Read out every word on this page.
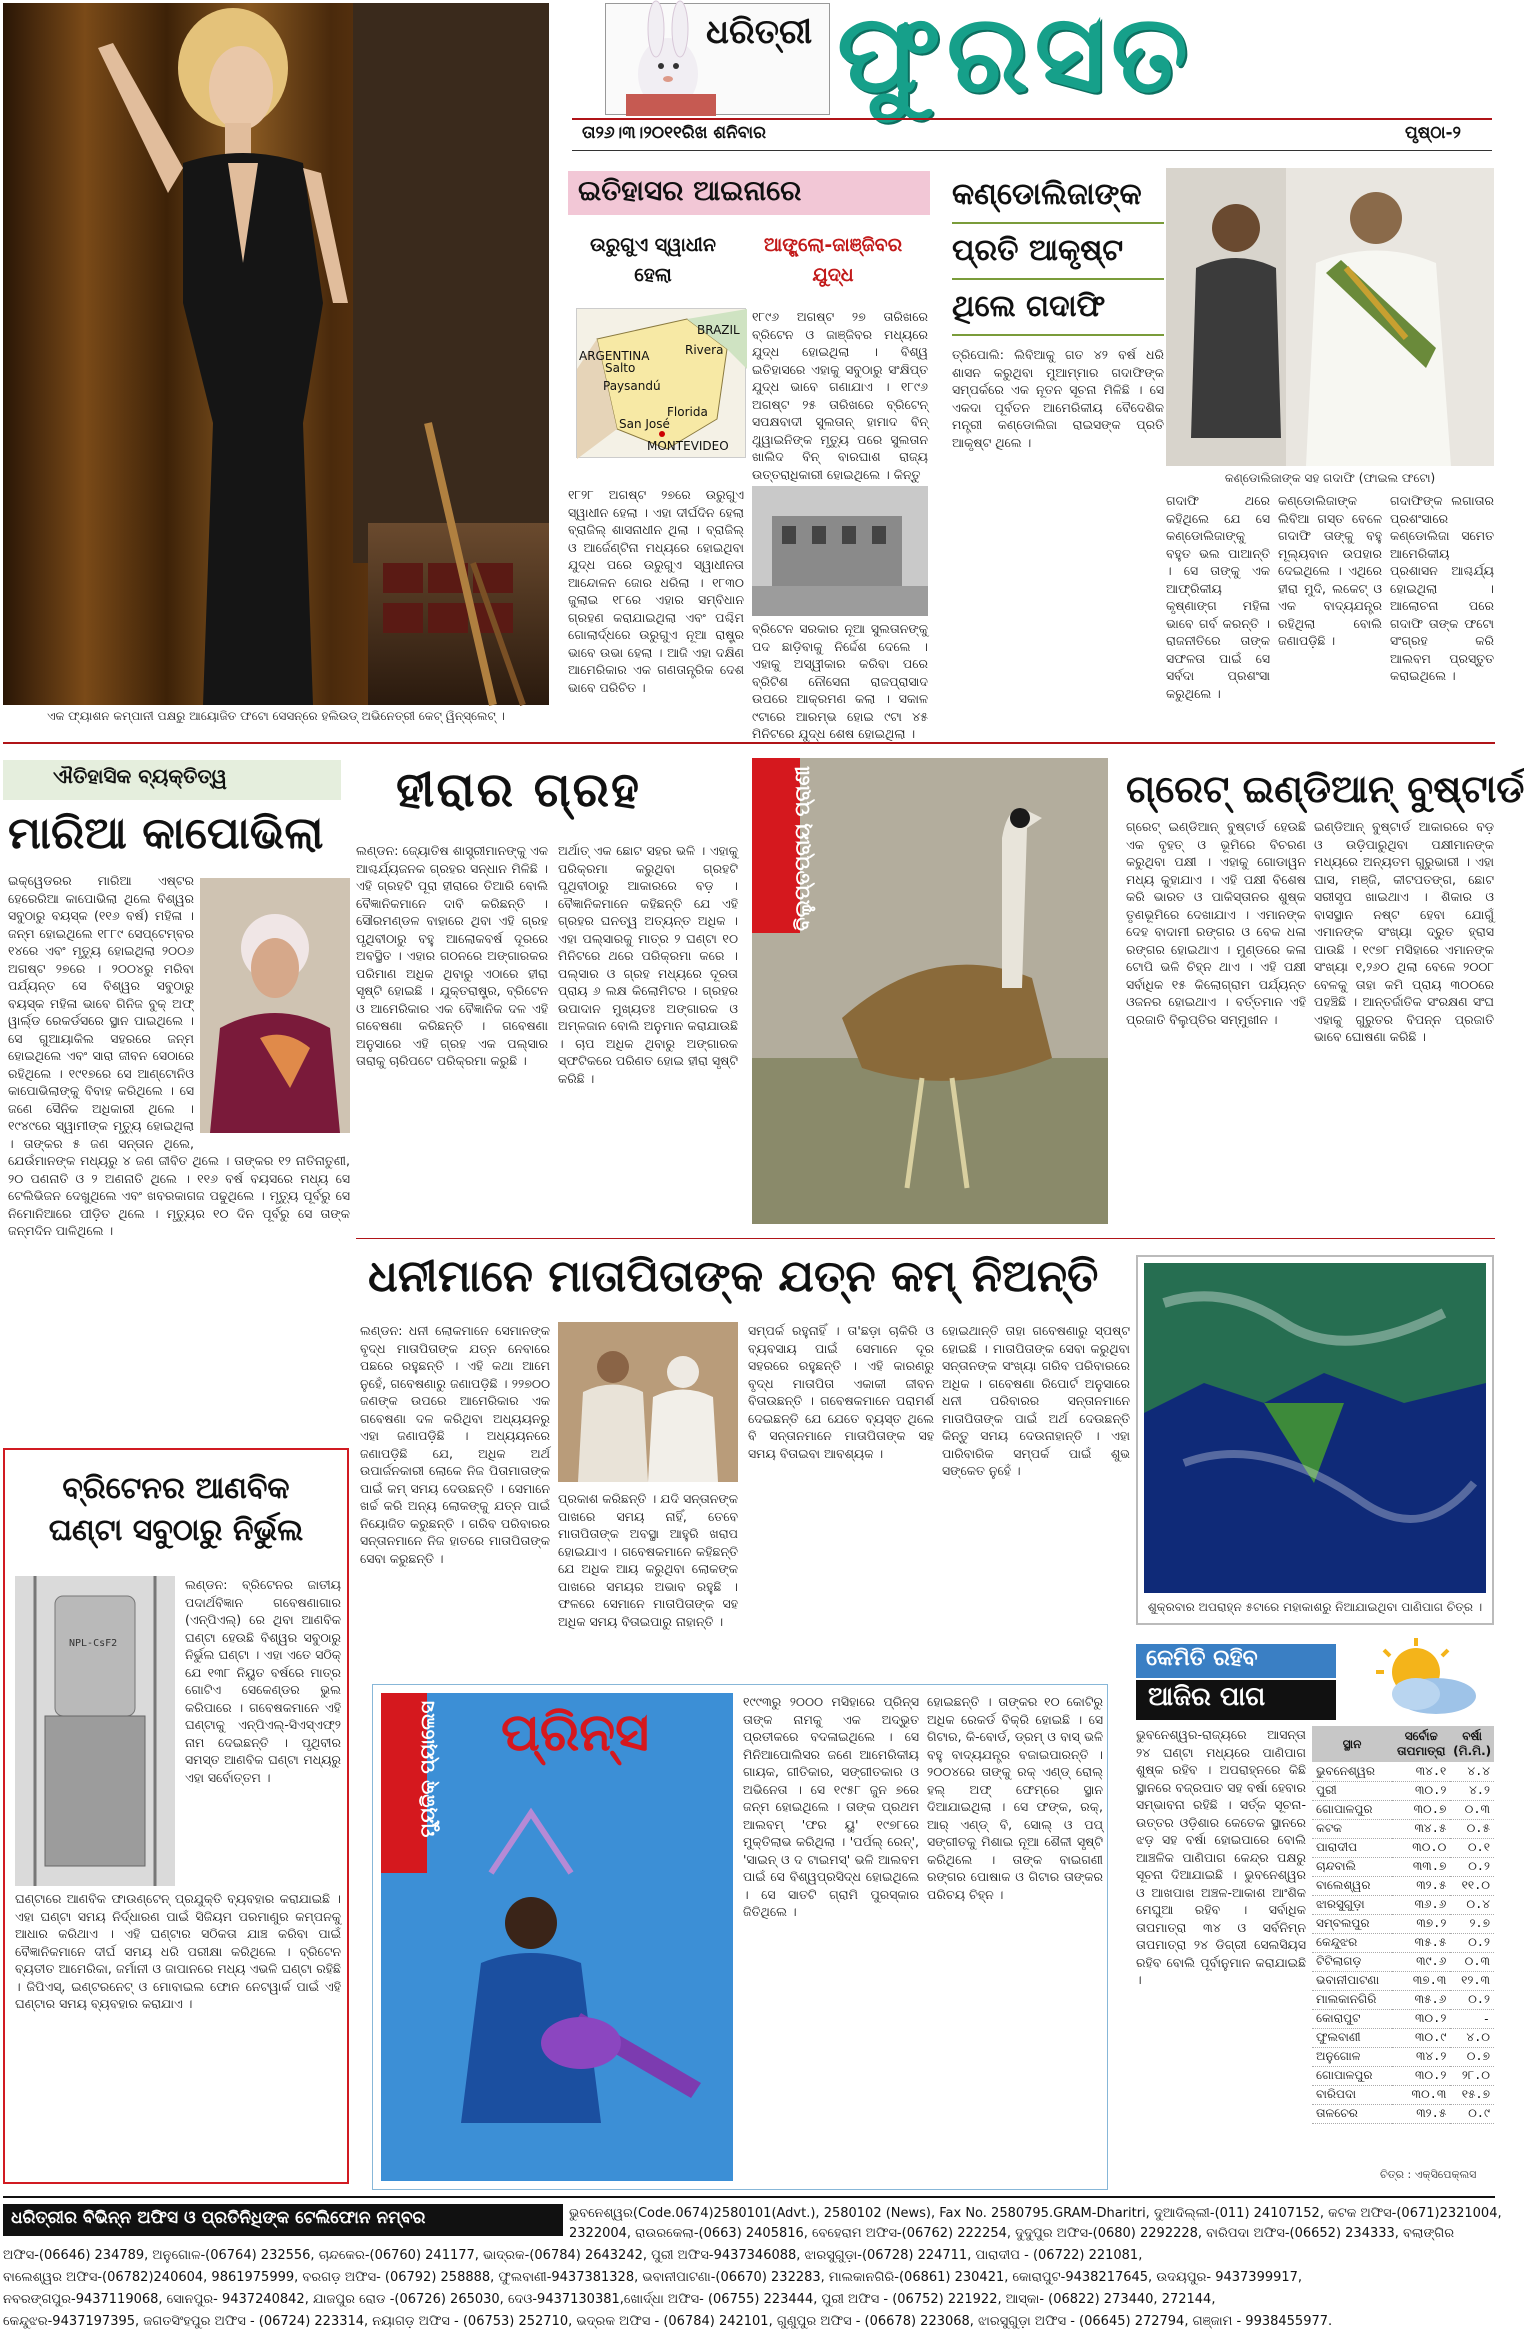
ଏକ ଫ୍ୟାଶନ କମ୍ପାନୀ ପକ୍ଷରୁ ଆୟୋଜିତ ଫଟୋ ସେସନ୍‌ରେ ହଲିଉଡ୍ ଅଭିନେତ୍ରୀ କେଟ୍ ୱିନ୍‌ସ୍ଲେଟ୍ ।
ଧରିତ୍ରୀ ଫୁରସତ
ତା୨୬।୩।୨୦୧୧ରିଖ ଶନିବାର	ପୃଷ୍ଠା-୨
ଇତିହାସର ଆଇନାରେ
ଉରୁଗୁଏ ସ୍ୱାଧୀନ ହେଲା
ଆଙ୍ଗ୍ଲୋ-ଜାଞ୍ଜିବର ଯୁଦ୍ଧ
BRAZIL
ARGENTINA
MONTEVIDEO
San José
Florida
Rivera
Salto
Paysandú
୧୮୯୬ ଅଗଷ୍ଟ ୨୭ ତାରିଖରେ ବ୍ରିଟେନ ଓ ଜାଞ୍ଜିବର ମଧ୍ୟରେ ଯୁଦ୍ଧ ହୋଇଥିଲା । ବିଶ୍ୱ ଇତିହାସରେ ଏହାକୁ ସବୁଠାରୁ ସଂକ୍ଷିପ୍ତ ଯୁଦ୍ଧ ଭାବେ ଗଣାଯାଏ । ୧୮୯୬ ଅଗଷ୍ଟ ୨୫ ତାରିଖରେ ବ୍ରିଟେନ୍ ସପକ୍ଷବାଦୀ ସୁଲତାନ୍ ହାମାଦ ବିନ୍ ଥୁୱାଇନିଙ୍କ ମୃତ୍ୟୁ ପରେ ସୁଲତାନ ଖାଲିଦ ବିନ୍ ବାରଘାଶ ରାଜ୍ୟ ଉତ୍ତରାଧିକାରୀ ହୋଇଥିଲେ । କିନ୍ତୁ
୧୮୨୮ ଅଗଷ୍ଟ ୨୭ରେ ଉରୁଗୁଏ ସ୍ୱାଧୀନ ହେଲା । ଏହା ଦୀର୍ଘଦିନ ହେଲା ବ୍ରାଜିଲ୍ ଶାସନାଧୀନ ଥିଲା । ବ୍ରାଜିଲ୍ ଓ ଆର୍ଜେଣ୍ଟିନା ମଧ୍ୟରେ ହୋଇଥିବା ଯୁଦ୍ଧ ପରେ ଉରୁଗୁଏ ସ୍ୱାଧୀନତା ଆନ୍ଦୋଳନ ଜୋର ଧରିଲା । ୧୮୩୦ ଜୁଲାଇ ୧୮ରେ ଏହାର ସମ୍ବିଧାନ ଗ୍ରହଣ କରାଯାଇଥିଲା ଏବଂ ପଶ୍ଚିମ ଗୋଲାର୍ଦ୍ଧରେ ଉରୁଗୁଏ ନୂଆ ରାଷ୍ଟ୍ର ଭାବେ ଉଭା ହେଲା । ଆଜି ଏହା ଦକ୍ଷିଣ ଆମେରିକାର ଏକ ଗଣତାନ୍ତ୍ରିକ ଦେଶ ଭାବେ ପରିଚିତ ।
ବ୍ରିଟେନ ସରକାର ନୂଆ ସୁଲତାନଙ୍କୁ ପଦ ଛାଡ଼ିବାକୁ ନିର୍ଦ୍ଦେଶ ଦେଲେ । ଏହାକୁ ଅସ୍ୱୀକାର କରିବା ପରେ ବ୍ରିଟିଶ ନୌସେନା ରାଜପ୍ରାସାଦ ଉପରେ ଆକ୍ରମଣ କଲା । ସକାଳ ୯ଟାରେ ଆରମ୍ଭ ହୋଇ ୯ଟା ୪୫ ମିନିଟରେ ଯୁଦ୍ଧ ଶେଷ ହୋଇଥିଲା ।
କଣ୍ଡୋଲିଜାଙ୍କ
ପ୍ରତି ଆକୃଷ୍ଟ
ଥିଲେ ଗଦାଫି
ତ୍ରିପୋଲି: ଲିବିଆକୁ ଗତ ୪୨ ବର୍ଷ ଧରି ଶାସନ କରୁଥିବା ମୁଆମ୍ମାର ଗଦାଫିଙ୍କ ସମ୍ପର୍କରେ ଏକ ନୂତନ ସୂଚନା ମିଳିଛି । ସେ ଏକଦା ପୂର୍ବତନ ଆମେରିକୀୟ ବୈଦେଶିକ ମନ୍ତ୍ରୀ କଣ୍ଡୋଲିଜା ରାଇସଙ୍କ ପ୍ରତି ଆକୃଷ୍ଟ ଥିଲେ ।
କଣ୍ଡୋଲିଜାଙ୍କ ସହ ଗଦାଫି (ଫାଇଲ ଫଟୋ)
ଗଦାଫି ଥରେ କହିଥିଲେ ଯେ ସେ କଣ୍ଡୋଲିଜାଙ୍କୁ ବହୁତ ଭଲ ପାଆନ୍ତି । ସେ ତାଙ୍କୁ ଏକ ଆଫ୍ରିକୀୟ କୃଷ୍ଣାଙ୍ଗ ମହିଳା ଭାବେ ଗର୍ବ କରନ୍ତି । ରାଜନୀତିରେ ତାଙ୍କ ସଫଳତା ପାଇଁ ସେ ସର୍ବଦା ପ୍ରଶଂସା କରୁଥିଲେ ।
କଣ୍ଡୋଲିଜାଙ୍କ ଲିବିଆ ଗସ୍ତ ବେଳେ ଗଦାଫି ତାଙ୍କୁ ବହୁ ମୂଲ୍ୟବାନ ଉପହାର ଦେଇଥିଲେ । ଏଥିରେ ହୀରା ମୁଦି, ଲକେଟ୍ ଓ ଏକ ବାଦ୍ୟଯନ୍ତ୍ର ରହିଥିଲା ବୋଲି ଜଣାପଡ଼ିଛି ।
ଗଦାଫିଙ୍କ ଲଗାତାର ପ୍ରଶଂସାରେ କଣ୍ଡୋଲିଜା ସମେତ ଆମେରିକୀୟ ପ୍ରଶାସନ ଆଶ୍ଚର୍ଯ୍ୟ ହୋଇଥିଲା । ଆଲୋଚନା ପରେ ଗଦାଫି ତାଙ୍କ ଫଟୋ ସଂଗ୍ରହ କରି ଆଲବମ ପ୍ରସ୍ତୁତ କରାଇଥିଲେ ।
ଐତିହାସିକ ବ୍ୟକ୍ତିତ୍ୱ
ମାରିଆ କାପୋଭିଲା
ଇକ୍ୱେଡରର ମାରିଆ ଏଷ୍ଟର ହେରେରିଆ କାପୋଭିଲା ଥିଲେ ବିଶ୍ୱର ସବୁଠାରୁ ବୟସ୍କ (୧୧୬ ବର୍ଷ) ମହିଳା । ଜନ୍ମ ହୋଇଥିଲେ ୧୮୮୯ ସେପ୍ଟେମ୍ବର ୧୪ରେ ଏବଂ ମୃତ୍ୟୁ ହୋଇଥିଲା ୨୦୦୬ ଅଗଷ୍ଟ ୨୭ରେ । ୨୦୦୪ରୁ ମରିବା ପର୍ଯ୍ୟନ୍ତ ସେ ବିଶ୍ୱର ସବୁଠାରୁ ବୟସ୍କ ମହିଳା ଭାବେ ଗିନିଜ ବୁକ୍ ଅଫ୍ ୱାର୍ଲ୍ଡ ରେକର୍ଡସରେ ସ୍ଥାନ ପାଇଥିଲେ । ସେ ଗୁଆୟାକିଲ ସହରରେ ଜନ୍ମ ହୋଇଥିଲେ ଏବଂ ସାରା ଜୀବନ ସେଠାରେ ରହିଥିଲେ । ୧୯୧୭ରେ ସେ ଆଣ୍ଟୋନିଓ କାପୋଭିଲାଙ୍କୁ ବିବାହ କରିଥିଲେ । ସେ ଜଣେ ସୈନିକ ଅଧିକାରୀ ଥିଲେ । ୧୯୪୯ରେ ସ୍ୱାମୀଙ୍କ ମୃତ୍ୟୁ ହୋଇଥିଲା । ତାଙ୍କର ୫ ଜଣ ସନ୍ତାନ ଥିଲେ, ଯେଉଁମାନଙ୍କ ମଧ୍ୟରୁ ୪ ଜଣ ଜୀବିତ ଥିଲେ । ତାଙ୍କର ୧୨ ନାତିନାତୁଣୀ, ୨୦ ପଣନାତି ଓ ୨ ଅଣନାତି ଥିଲେ । ୧୧୬ ବର୍ଷ ବୟସରେ ମଧ୍ୟ ସେ ଟେଲିଭିଜନ ଦେଖୁଥିଲେ ଏବଂ ଖବରକାଗଜ ପଢୁଥିଲେ । ମୃତ୍ୟୁ ପୂର୍ବରୁ ସେ ନିମୋନିଆରେ ପୀଡ଼ିତ ଥିଲେ । ମୃତ୍ୟୁର ୧୦ ଦିନ ପୂର୍ବରୁ ସେ ତାଙ୍କ ଜନ୍ମଦିନ ପାଳିଥିଲେ ।
ହୀରାର ଗ୍ରହ
ଲଣ୍ଡନ: ଜ୍ୟୋତିଷ ଶାସ୍ତ୍ରୀମାନଙ୍କୁ ଏକ ଆଶ୍ଚର୍ଯ୍ୟଜନକ ଗ୍ରହର ସନ୍ଧାନ ମିଳିଛି । ଏହି ଗ୍ରହଟି ପୂରା ହୀରାରେ ତିଆରି ବୋଲି ବୈଜ୍ଞାନିକମାନେ ଦାବି କରିଛନ୍ତି । ସୌରମଣ୍ଡଳ ବାହାରେ ଥିବା ଏହି ଗ୍ରହ ପୃଥିବୀଠାରୁ ବହୁ ଆଲୋକବର୍ଷ ଦୂରରେ ଅବସ୍ଥିତ । ଏହାର ଗଠନରେ ଅଙ୍ଗାରକର ପରିମାଣ ଅଧିକ ଥିବାରୁ ଏଠାରେ ହୀରା ସୃଷ୍ଟି ହୋଇଛି । ଯୁକ୍ତରାଷ୍ଟ୍ର, ବ୍ରିଟେନ ଓ ଆମେରିକାର ଏକ ବୈଜ୍ଞାନିକ ଦଳ ଏହି ଗବେଷଣା କରିଛନ୍ତି । ଗବେଷଣା ଅନୁସାରେ ଏହି ଗ୍ରହ ଏକ ପଲ୍ସାର ତାରାକୁ ଚାରିପଟେ ପରିକ୍ରମା କରୁଛି ।
ଅର୍ଥାତ୍ ଏକ ଛୋଟ ସହର ଭଳି । ଏହାକୁ ପରିକ୍ରମା କରୁଥିବା ଗ୍ରହଟି ପୃଥିବୀଠାରୁ ଆକାରରେ ବଡ଼ । ବୈଜ୍ଞାନିକମାନେ କହିଛନ୍ତି ଯେ ଏହି ଗ୍ରହର ଘନତ୍ୱ ଅତ୍ୟନ୍ତ ଅଧିକ । ଏହା ପଲ୍ସାରକୁ ମାତ୍ର ୨ ଘଣ୍ଟା ୧୦ ମିନିଟରେ ଥରେ ପରିକ୍ରମା କରେ । ପଲ୍ସାର ଓ ଗ୍ରହ ମଧ୍ୟରେ ଦୂରତା ପ୍ରାୟ ୬ ଲକ୍ଷ କିଲୋମିଟର । ଗ୍ରହର ଉପାଦାନ ମୁଖ୍ୟତଃ ଅଙ୍ଗାରକ ଓ ଅମ୍ଳଜାନ ବୋଲି ଅନୁମାନ କରାଯାଉଛି । ଚାପ ଅଧିକ ଥିବାରୁ ଅଙ୍ଗାରକ ସ୍ଫଟିକରେ ପରିଣତ ହୋଇ ହୀରା ସୃଷ୍ଟି କରିଛି ।
ବିଲୁପ୍ତପ୍ରାୟ ପ୍ରାଣୀ	ଗ୍ରେଟ୍ ଇଣ୍ଡିଆନ୍ ବୁଷ୍ଟାର୍ଡ
ଗ୍ରେଟ୍ ଇଣ୍ଡିଆନ୍ ବୁଷ୍ଟାର୍ଡ ହେଉଛି ଏକ ବୃହତ୍ ଓ ଭୂମିରେ ବିଚରଣ କରୁଥିବା ପକ୍ଷୀ । ଏହାକୁ ଗୋଡାୱନ ମଧ୍ୟ କୁହାଯାଏ । ଏହି ପକ୍ଷୀ ବିଶେଷ କରି ଭାରତ ଓ ପାକିସ୍ତାନର ଶୁଷ୍କ ତୃଣଭୂମିରେ ଦେଖାଯାଏ । ଏମାନଙ୍କ ଦେହ ବାଦାମୀ ରଙ୍ଗର ଓ ବେକ ଧଳା ରଙ୍ଗର ହୋଇଥାଏ । ମୁଣ୍ଡରେ କଳା ଟୋପି ଭଳି ଚିହ୍ନ ଥାଏ । ଏହି ପକ୍ଷୀ ସର୍ବାଧିକ ୧୫ କିଲୋଗ୍ରାମ ପର୍ଯ୍ୟନ୍ତ ଓଜନର ହୋଇଥାଏ । ବର୍ତ୍ତମାନ ଏହି ପ୍ରଜାତି ବିଲୁପ୍ତିର ସମ୍ମୁଖୀନ ।
ଇଣ୍ଡିଆନ୍ ବୁଷ୍ଟାର୍ଡ ଆକାରରେ ବଡ଼ ଓ ଉଡ଼ିପାରୁଥିବା ପକ୍ଷୀମାନଙ୍କ ମଧ୍ୟରେ ଅନ୍ୟତମ ଗୁରୁଭାରୀ । ଏହା ଘାସ, ମଞ୍ଜି, କୀଟପତଙ୍ଗ, ଛୋଟ ସରୀସୃପ ଖାଇଥାଏ । ଶିକାର ଓ ବାସସ୍ଥାନ ନଷ୍ଟ ହେବା ଯୋଗୁଁ ଏମାନଙ୍କ ସଂଖ୍ୟା ଦ୍ରୁତ ହ୍ରାସ ପାଉଛି । ୧୯୭୮ ମସିହାରେ ଏମାନଙ୍କ ସଂଖ୍ୟା ୧,୨୬୦ ଥିଲା ବେଳେ ୨୦୦୮ ବେଳକୁ ତାହା କମି ପ୍ରାୟ ୩୦୦ରେ ପହଞ୍ଚିଛି । ଆନ୍ତର୍ଜାତିକ ସଂରକ୍ଷଣ ସଂଘ ଏହାକୁ ଗୁରୁତର ବିପନ୍ନ ପ୍ରଜାତି ଭାବେ ଘୋଷଣା କରିଛି ।
ଧନୀମାନେ ମାତାପିତାଙ୍କ ଯତ୍ନ କମ୍ ନିଅନ୍ତି
ଲଣ୍ଡନ: ଧନୀ ଲୋକମାନେ ସେମାନଙ୍କ ବୃଦ୍ଧ ମାତାପିତାଙ୍କ ଯତ୍ନ ନେବାରେ ପଛରେ ରହୁଛନ୍ତି । ଏହି କଥା ଆମେ ନୁହେଁ, ଗବେଷଣାରୁ ଜଣାପଡ଼ିଛି । ୨୨୭୦୦ ଜଣଙ୍କ ଉପରେ ଆମେରିକାର ଏକ ଗବେଷଣା ଦଳ କରିଥିବା ଅଧ୍ୟୟନରୁ ଏହା ଜଣାପଡ଼ିଛି । ଅଧ୍ୟୟନରେ ଜଣାପଡ଼ିଛି ଯେ, ଅଧିକ ଅର୍ଥ ଉପାର୍ଜନକାରୀ ଲୋକେ ନିଜ ପିତାମାତାଙ୍କ ପାଇଁ କମ୍ ସମୟ ଦେଉଛନ୍ତି । ସେମାନେ ଖର୍ଚ୍ଚ କରି ଅନ୍ୟ ଲୋକଙ୍କୁ ଯତ୍ନ ପାଇଁ ନିୟୋଜିତ କରୁଛନ୍ତି । ଗରିବ ପରିବାରର ସନ୍ତାନମାନେ ନିଜ ହାତରେ ମାତାପିତାଙ୍କ ସେବା କରୁଛନ୍ତି ।
ପ୍ରକାଶ କରିଛନ୍ତି । ଯଦି ସନ୍ତାନଙ୍କ ପାଖରେ ସମୟ ନାହିଁ, ତେବେ ମାତାପିତାଙ୍କ ଅବସ୍ଥା ଆହୁରି ଖରାପ ହୋଇଯାଏ । ଗବେଷକମାନେ କହିଛନ୍ତି ଯେ ଅଧିକ ଆୟ କରୁଥିବା ଲୋକଙ୍କ ପାଖରେ ସମୟର ଅଭାବ ରହୁଛି । ଫଳରେ ସେମାନେ ମାତାପିତାଙ୍କ ସହ ଅଧିକ ସମୟ ବିତାଇପାରୁ ନାହାନ୍ତି ।
ସମ୍ପର୍କ ରହୁନାହିଁ । ତା'ଛଡ଼ା ଚାକିରି ଓ ବ୍ୟବସାୟ ପାଇଁ ସେମାନେ ଦୂର ସହରରେ ରହୁଛନ୍ତି । ଏହି କାରଣରୁ ବୃଦ୍ଧ ମାତାପିତା ଏକାକୀ ଜୀବନ ବିତାଉଛନ୍ତି । ଗବେଷକମାନେ ପରାମର୍ଶ ଦେଇଛନ୍ତି ଯେ ଯେତେ ବ୍ୟସ୍ତ ଥିଲେ ବି ସନ୍ତାନମାନେ ମାତାପିତାଙ୍କ ସହ ସମୟ ବିତାଇବା ଆବଶ୍ୟକ ।
ହୋଇଥାନ୍ତି ତାହା ଗବେଷଣାରୁ ସ୍ପଷ୍ଟ ହୋଇଛି । ମାତାପିତାଙ୍କ ସେବା କରୁଥିବା ସନ୍ତାନଙ୍କ ସଂଖ୍ୟା ଗରିବ ପରିବାରରେ ଅଧିକ । ଗବେଷଣା ରିପୋର୍ଟ ଅନୁସାରେ ଧନୀ ପରିବାରର ସନ୍ତାନମାନେ ମାତାପିତାଙ୍କ ପାଇଁ ଅର୍ଥ ଦେଉଛନ୍ତି କିନ୍ତୁ ସମୟ ଦେଉନାହାନ୍ତି । ଏହା ପାରିବାରିକ ସମ୍ପର୍କ ପାଇଁ ଶୁଭ ସଙ୍କେତ ନୁହେଁ ।
ବ୍ରିଟେନର ଆଣବିକ
ଘଣ୍ଟା ସବୁଠାରୁ ନିର୍ଭୁଲ
NPL-CsF2
ଲଣ୍ଡନ: ବ୍ରିଟେନର ଜାତୀୟ ପଦାର୍ଥବିଜ୍ଞାନ ଗବେଷଣାଗାର (ଏନ୍‌ପିଏଲ୍) ରେ ଥିବା ଆଣବିକ ଘଣ୍ଟା ହେଉଛି ବିଶ୍ୱର ସବୁଠାରୁ ନିର୍ଭୁଲ ଘଣ୍ଟା । ଏହା ଏତେ ସଠିକ୍ ଯେ ୧୩୮ ନିୟୁତ ବର୍ଷରେ ମାତ୍ର ଗୋଟିଏ ସେକେଣ୍ଡର ଭୁଲ କରିପାରେ । ଗବେଷକମାନେ ଏହି ଘଣ୍ଟାକୁ ଏନ୍‌ପିଏଲ୍-ସିଏସ୍ଏଫ୍୨ ନାମ ଦେଇଛନ୍ତି । ପୃଥିବୀର ସମସ୍ତ ଆଣବିକ ଘଣ୍ଟା ମଧ୍ୟରୁ ଏହା ସର୍ବୋତ୍ତମ ।
ଘଣ୍ଟାରେ ଆଣବିକ ଫାଉଣ୍ଟେନ୍ ପ୍ରଯୁକ୍ତି ବ୍ୟବହାର କରାଯାଇଛି । ଏହା ଘଣ୍ଟା ସମୟ ନିର୍ଦ୍ଧାରଣ ପାଇଁ ସିଜିୟମ ପରମାଣୁର କମ୍ପନକୁ ଆଧାର କରିଥାଏ । ଏହି ଘଣ୍ଟାର ସଠିକତା ଯାଞ୍ଚ କରିବା ପାଇଁ ବୈଜ୍ଞାନିକମାନେ ଦୀର୍ଘ ସମୟ ଧରି ପରୀକ୍ଷା କରିଥିଲେ । ବ୍ରିଟେନ ବ୍ୟତୀତ ଆମେରିକା, ଜର୍ମାନୀ ଓ ଜାପାନରେ ମଧ୍ୟ ଏଭଳି ଘଣ୍ଟା ରହିଛି । ଜିପିଏସ୍, ଇଣ୍ଟରନେଟ୍ ଓ ମୋବାଇଲ ଫୋନ ନେଟୱାର୍କ ପାଇଁ ଏହି ଘଣ୍ଟାର ସମୟ ବ୍ୟବହାର କରାଯାଏ ।
ମ୍ୟୁଜିକ୍ ପ୍ୟାଲେସ ପ୍ରିନ୍ସ
୧୯୯୩ରୁ ୨୦୦୦ ମସିହାରେ ପ୍ରିନ୍ସ ତାଙ୍କ ନାମକୁ ଏକ ଅଦ୍ଭୁତ ପ୍ରତୀକରେ ବଦଳାଇଥିଲେ । ସେ ମିନିଆପୋଲିସର ଜଣେ ଆମେରିକୀୟ ଗାୟକ, ଗୀତିକାର, ସଙ୍ଗୀତକାର ଓ ଅଭିନେତା । ସେ ୧୯୫୮ ଜୁନ ୭ରେ ଜନ୍ମ ହୋଇଥିଲେ । ତାଙ୍କ ପ୍ରଥମ ଆଲବମ୍ 'ଫର ୟୁ' ୧୯୭୮ରେ ମୁକ୍ତିଲାଭ କରିଥିଲା । 'ପର୍ପଲ୍ ରେନ୍', 'ସାଇନ୍ ଓ ଦ ଟାଇମସ୍' ଭଳି ଆଲବମ ପାଇଁ ସେ ବିଶ୍ୱପ୍ରସିଦ୍ଧ ହୋଇଥିଲେ । ସେ ସାତଟି ଗ୍ରାମି ପୁରସ୍କାର ଜିତିଥିଲେ ।
ହୋଇଛନ୍ତି । ତାଙ୍କର ୧୦ କୋଟିରୁ ଅଧିକ ରେକର୍ଡ ବିକ୍ରି ହୋଇଛି । ସେ ଗିଟାର, କି-ବୋର୍ଡ, ଡ୍ରମ୍ ଓ ବାସ୍ ଭଳି ବହୁ ବାଦ୍ୟଯନ୍ତ୍ର ବଜାଇପାରନ୍ତି । ୨୦୦୪ରେ ତାଙ୍କୁ ରକ୍ ଏଣ୍ଡ୍ ରୋଲ୍ ହଲ୍ ଅଫ୍ ଫେମ୍‌ରେ ସ୍ଥାନ ଦିଆଯାଇଥିଲା । ସେ ଫଙ୍କ, ରକ୍, ଆର୍ ଏଣ୍ଡ୍ ବି, ସୋଲ୍ ଓ ପପ୍ ସଙ୍ଗୀତକୁ ମିଶାଇ ନୂଆ ଶୈଳୀ ସୃଷ୍ଟି କରିଥିଲେ । ତାଙ୍କ ବାଇଗଣୀ ରଙ୍ଗର ପୋଷାକ ଓ ଗିଟାର ତାଙ୍କର ପରିଚୟ ଚିହ୍ନ ।
ଶୁକ୍ରବାର ଅପରାହ୍ନ ୫ଟାରେ ମହାକାଶରୁ ନିଆଯାଇଥିବା ପାଣିପାଗ ଚିତ୍ର ।
କେମିତି ରହିବ
ଆଜିର ପାଗ
ଭୁବନେଶ୍ୱର-ରାଜ୍ୟରେ ଆସନ୍ତା ୨୪ ଘଣ୍ଟା ମଧ୍ୟରେ ପାଣିପାଗ ଶୁଷ୍କ ରହିବ । ଅପରାହ୍ନରେ କିଛି ସ୍ଥାନରେ ବଜ୍ରପାତ ସହ ବର୍ଷା ହେବାର ସମ୍ଭାବନା ରହିଛି । ସର୍ତ୍କ ସୂଚନା-ଉତ୍ତର ଓଡ଼ିଶାର କେତେକ ସ୍ଥାନରେ ଝଡ଼ ସହ ବର୍ଷା ହୋଇପାରେ ବୋଲି ଆଞ୍ଚଳିକ ପାଣିପାଗ କେନ୍ଦ୍ର ପକ୍ଷରୁ ସୂଚନା ଦିଆଯାଇଛି । ଭୁବନେଶ୍ୱର ଓ ଆଖପାଖ ଅଞ୍ଚଳ-ଆକାଶ ଆଂଶିକ ମେଘୁଆ ରହିବ । ସର୍ବାଧିକ ତାପମାତ୍ରା ୩୪ ଓ ସର୍ବନିମ୍ନ ତାପମାତ୍ରା ୨୪ ଡିଗ୍ରୀ ସେଲସିୟସ ରହିବ ବୋଲି ପୂର୍ବାନୁମାନ କରାଯାଇଛି ।
ସ୍ଥାନ	ସର୍ବୋଚ୍ଚ ତାପମାତ୍ରା	ବର୍ଷା (ମି.ମି.)
ଭୁବନେଶ୍ୱର	୩୪.୧	୪.୪
ପୁରୀ	୩୦.୨	୪.୨
ଗୋପାଳପୁର	୩୦.୭	୦.୩
କଟକ	୩୪.୫	୦.୫
ପାରାଦୀପ	୩୦.୦	୦.୧
ଚାନ୍ଦବାଲି	୩୩.୭	୦.୨
ବାଲେଶ୍ୱର	୩୨.୫	୧୧.୦
ଝାରସୁଗୁଡ଼ା	୩୬.୬	୦.୪
ସମ୍ବଲପୁର	୩୭.୨	୨.୭
କେନ୍ଦୁଝର	୩୫.୫	୦.୨
ଟିଟିଲାଗଡ଼	୩୯.୬	୦.୩
ଭବାନୀପାଟଣା	୩୭.୩	୧୨.୩
ମାଲକାନଗିରି	୩୫.୬	୦.୨
କୋରାପୁଟ	୩୦.୨	-
ଫୁଲବାଣୀ	୩୦.୯	୪.୦
ଅନୁଗୋଳ	୩୪.୨	୦.୭
ଗୋପାଳପୁର	୩୦.୨	୨୮.୦
ବାରିପଦା	୩୦.୩	୧୫.୭
ତାଳଚେର	୩୨.୫	୦.୯
ଚିତ୍ର : ଏକ୍‌ସିପେକ୍‌ଲସ
ଧରିତ୍ରୀର ବିଭିନ୍ନ ଅଫିସ ଓ ପ୍ରତିନିଧିଙ୍କ ଟେଲିଫୋନ ନମ୍ବର	ଭୁବନେଶ୍ୱର(Code.0674)2580101(Advt.), 2580102 (News), Fax No. 2580795.GRAM-Dharitri, ଦୁଆଦିଲ୍ଲୀ-(011) 24107152, କଟକ ଅଫିସ-(0671)2321004,
2322004, ରାଉରକେଲା-(0663) 2405816, ବେହେରାମ ଅଫିସ-(06762) 222254, ଦୁଦୁପୁର ଅଫିସ-(0680) 2292228, ବାରିପଦା ଅଫିସ-(06652) 234333, ବଲାଙ୍ଗିର
ଅଫିସ-(06646) 234789, ଅନୁଗୋଳ-(06764) 232556, ଚାନ୍ଦକେର-(06760) 241177, ଭାଦ୍ରକ-(06784) 2643242, ପୁରୀ ଅଫିସ-9437346088, ଝାରସୁଗୁଡ଼ା-(06728) 224711, ପାରାଦୀପ - (06722) 221081,
ବାଲେଶ୍ୱର ଅଫିସ-(06782)240604, 9861975999, ବରଗଡ଼ ଅଫିସ- (06792) 258888, ଫୁଲବାଣୀ-9437381328, ଭବାନୀପାଟଣା-(06670) 232283, ମାଲକାନଗିରି-(06861) 230421, କୋରାପୁଟ-9438217645, ଉଦୟପୁର- 9437399917,
ନବରଙ୍ଗପୁର-9437119068, ସୋନପୁର- 9437240842, ଯାଜପୁର ରୋଡ -(06726) 265030, ଦେଓ-9437130381,ଖୋର୍ଦ୍ଧା ଅଫିସ- (06755) 223444, ପୁରୀ ଅଫିସ - (06752) 221922, ଆସ୍କା- (06822) 273440, 272144,
କେନ୍ଦୁଝର-9437197395, ଜଗତସିଂହପୁର ଅଫିସ - (06724) 223314, ନୟାଗଡ଼ ଅଫିସ - (06753) 252710, ଭଦ୍ରକ ଅଫିସ - (06784) 242101, ଗୁଣୁପୁର ଅଫିସ - (06678) 223068, ଝାରସୁଗୁଡ଼ା ଅଫିସ - (06645) 272794, ଗଞ୍ଜାମ - 9938455977.
